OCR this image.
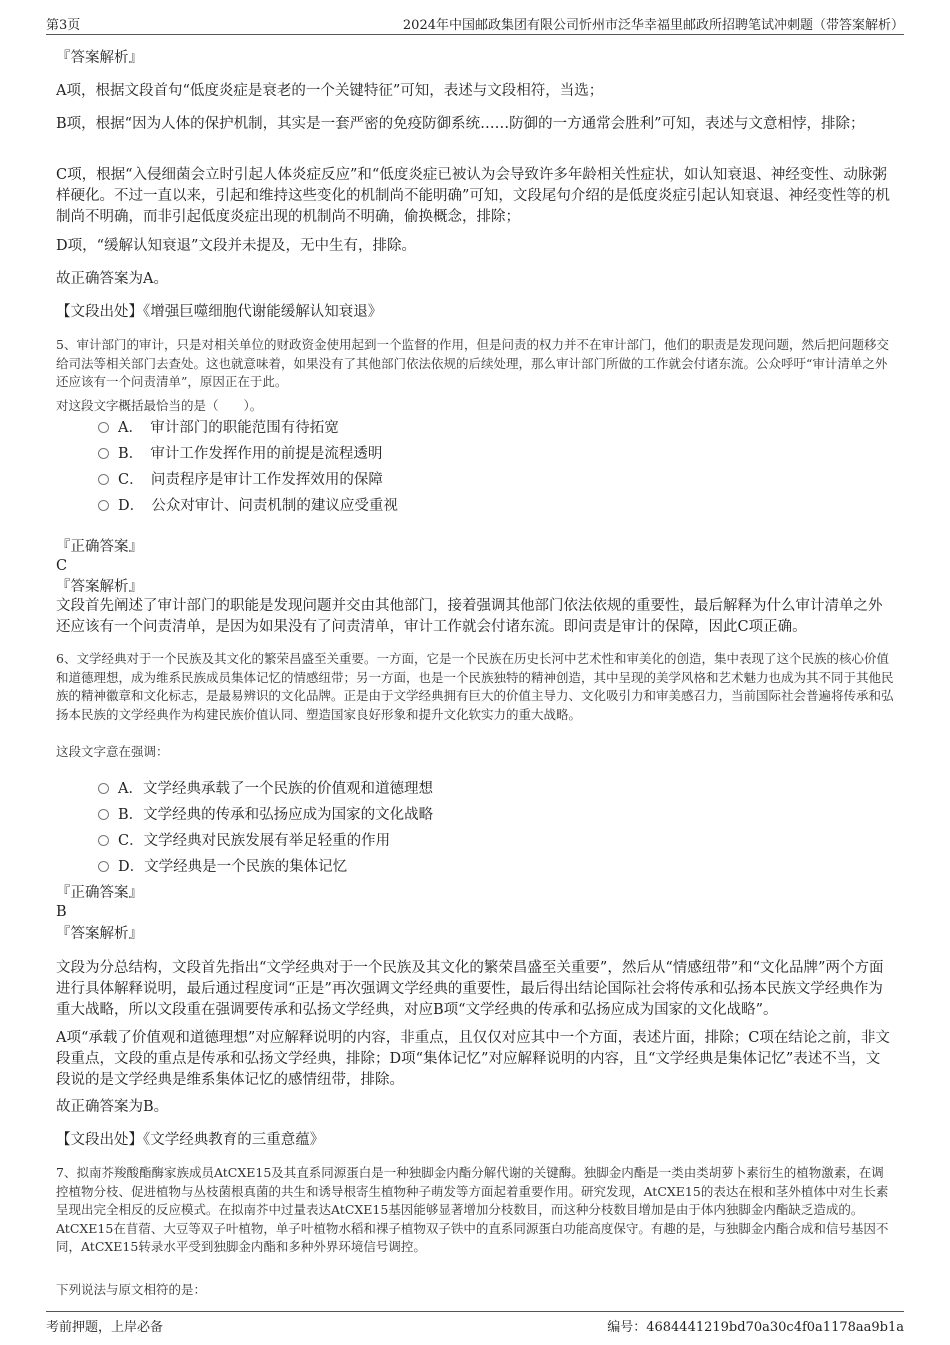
第3页	2024年中国邮政集团有限公司忻州市泛华幸福里邮政所招聘笔试冲刺题（带答案解析）

『答案解析』

A项，根据文段首句“低度炎症是衰老的一个关键特征”可知，表述与文段相符，当选；

B项，根据“因为人体的保护机制，其实是一套严密的免疫防御系统……防御的一方通常会胜利”可知，表述与文意相悖，排除；

C项，根据“入侵细菌会立时引起人体炎症反应”和“低度炎症已被认为会导致许多年龄相关性症状，如认知衰退、神经变性、动脉粥样硬化。不过一直以来，引起和维持这些变化的机制尚不能明确”可知，文段尾句介绍的是低度炎症引起认知衰退、神经变性等的机制尚不明确，而非引起低度炎症出现的机制尚不明确，偷换概念，排除；

D项，“缓解认知衰退”文段并未提及，无中生有，排除。

故正确答案为A。

【文段出处】《增强巨噬细胞代谢能缓解认知衰退》

5、审计部门的审计，只是对相关单位的财政资金使用起到一个监督的作用，但是问责的权力并不在审计部门，他们的职责是发现问题，然后把问题移交给司法等相关部门去查处。这也就意味着，如果没有了其他部门依法依规的后续处理，那么审计部门所做的工作就会付诸东流。公众呼吁“审计清单之外还应该有一个问责清单”，原因正在于此。

对这段文字概括最恰当的是（　　）。

A．　审计部门的职能范围有待拓宽
B．　审计工作发挥作用的前提是流程透明
C．　问责程序是审计工作发挥效用的保障
D．　公众对审计、问责机制的建议应受重视

『正确答案』

C

『答案解析』

文段首先阐述了审计部门的职能是发现问题并交由其他部门，接着强调其他部门依法依规的重要性，最后解释为什么审计清单之外还应该有一个问责清单，是因为如果没有了问责清单，审计工作就会付诸东流。即问责是审计的保障，因此C项正确。

6、文学经典对于一个民族及其文化的繁荣昌盛至关重要。一方面，它是一个民族在历史长河中艺术性和审美化的创造，集中表现了这个民族的核心价值和道德理想，成为维系民族成员集体记忆的情感纽带；另一方面，也是一个民族独特的精神创造，其中呈现的美学风格和艺术魅力也成为其不同于其他民族的精神徽章和文化标志，是最易辨识的文化品牌。正是由于文学经典拥有巨大的价值主导力、文化吸引力和审美感召力，当前国际社会普遍将传承和弘扬本民族的文学经典作为构建民族价值认同、塑造国家良好形象和提升文化软实力的重大战略。

这段文字意在强调：

A．文学经典承载了一个民族的价值观和道德理想
B．文学经典的传承和弘扬应成为国家的文化战略
C．文学经典对民族发展有举足轻重的作用
D．文学经典是一个民族的集体记忆

『正确答案』

B

『答案解析』

文段为分总结构，文段首先指出“文学经典对于一个民族及其文化的繁荣昌盛至关重要”，然后从“情感纽带”和“文化品牌”两个方面进行具体解释说明，最后通过程度词“正是”再次强调文学经典的重要性，最后得出结论国际社会将传承和弘扬本民族文学经典作为重大战略，所以文段重在强调要传承和弘扬文学经典，对应B项“文学经典的传承和弘扬应成为国家的文化战略”。

A项“承载了价值观和道德理想”对应解释说明的内容，非重点，且仅仅对应其中一个方面，表述片面，排除；C项在结论之前，非文段重点，文段的重点是传承和弘扬文学经典，排除；D项“集体记忆”对应解释说明的内容，且“文学经典是集体记忆”表述不当，文段说的是文学经典是维系集体记忆的感情纽带，排除。

故正确答案为B。

【文段出处】《文学经典教育的三重意蕴》

7、拟南芥羧酸酯酶家族成员AtCXE15及其直系同源蛋白是一种独脚金内酯分解代谢的关键酶。独脚金内酯是一类由类胡萝卜素衍生的植物激素，在调控植物分枝、促进植物与丛枝菌根真菌的共生和诱导根寄生植物种子萌发等方面起着重要作用。研究发现，AtCXE15的表达在根和茎外植体中对生长素呈现出完全相反的反应模式。在拟南芥中过量表达AtCXE15基因能够显著增加分枝数目，而这种分枝数目增加是由于体内独脚金内酯缺乏造成的。AtCXE15在苜蓿、大豆等双子叶植物，单子叶植物水稻和裸子植物双子铁中的直系同源蛋白功能高度保守。有趣的是，与独脚金内酯合成和信号基因不同，AtCXE15转录水平受到独脚金内酯和多种外界环境信号调控。

下列说法与原文相符的是：

考前押题，上岸必备	编号：4684441219bd70a30c4f0a1178aa9b1a
